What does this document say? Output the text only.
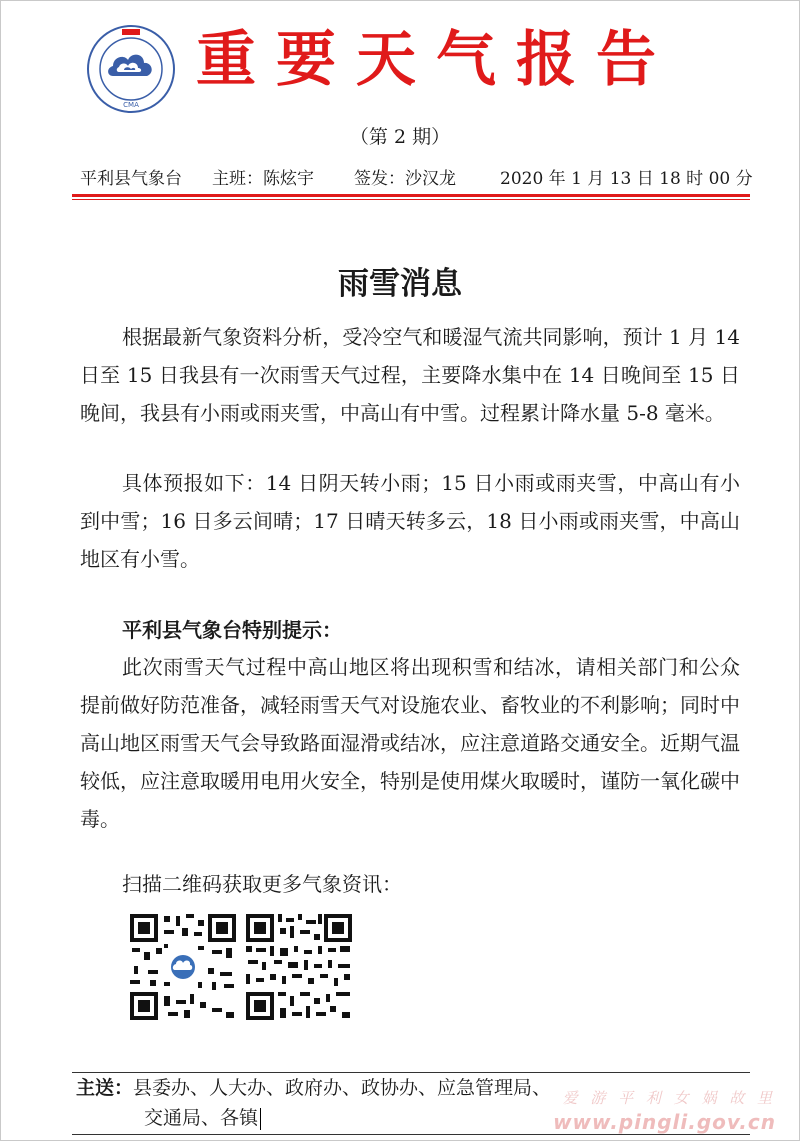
CMA
重要天气报告
（第 2 期）
平利县气象台 主班：陈炫宇 签发：沙汉龙	2020 年 1 月 13 日 18 时 00 分
雨雪消息
根据最新气象资料分析，受冷空气和暖湿气流共同影响，预计 1 月 14 日至 15 日我县有一次雨雪天气过程，主要降水集中在 14 日晚间至 15 日晚间，我县有小雨或雨夹雪，中高山有中雪。过程累计降水量 5-8 毫米。
具体预报如下：14 日阴天转小雨；15 日小雨或雨夹雪，中高山有小到中雪；16 日多云间晴；17 日晴天转多云，18 日小雨或雨夹雪，中高山地区有小雪。
平利县气象台特别提示：
此次雨雪天气过程中高山地区将出现积雪和结冰，请相关部门和公众提前做好防范准备，减轻雨雪天气对设施农业、畜牧业的不利影响；同时中高山地区雨雪天气会导致路面湿滑或结冰，应注意道路交通安全。近期气温较低，应注意取暖用电用火安全，特别是使用煤火取暖时，谨防一氧化碳中毒。
扫描二维码获取更多气象资讯：
主送：县委办、人大办、政府办、政协办、应急管理局、
交通局、各镇
爱 游 平 利 女 娲 故 里
www.pingli.gov.cn
